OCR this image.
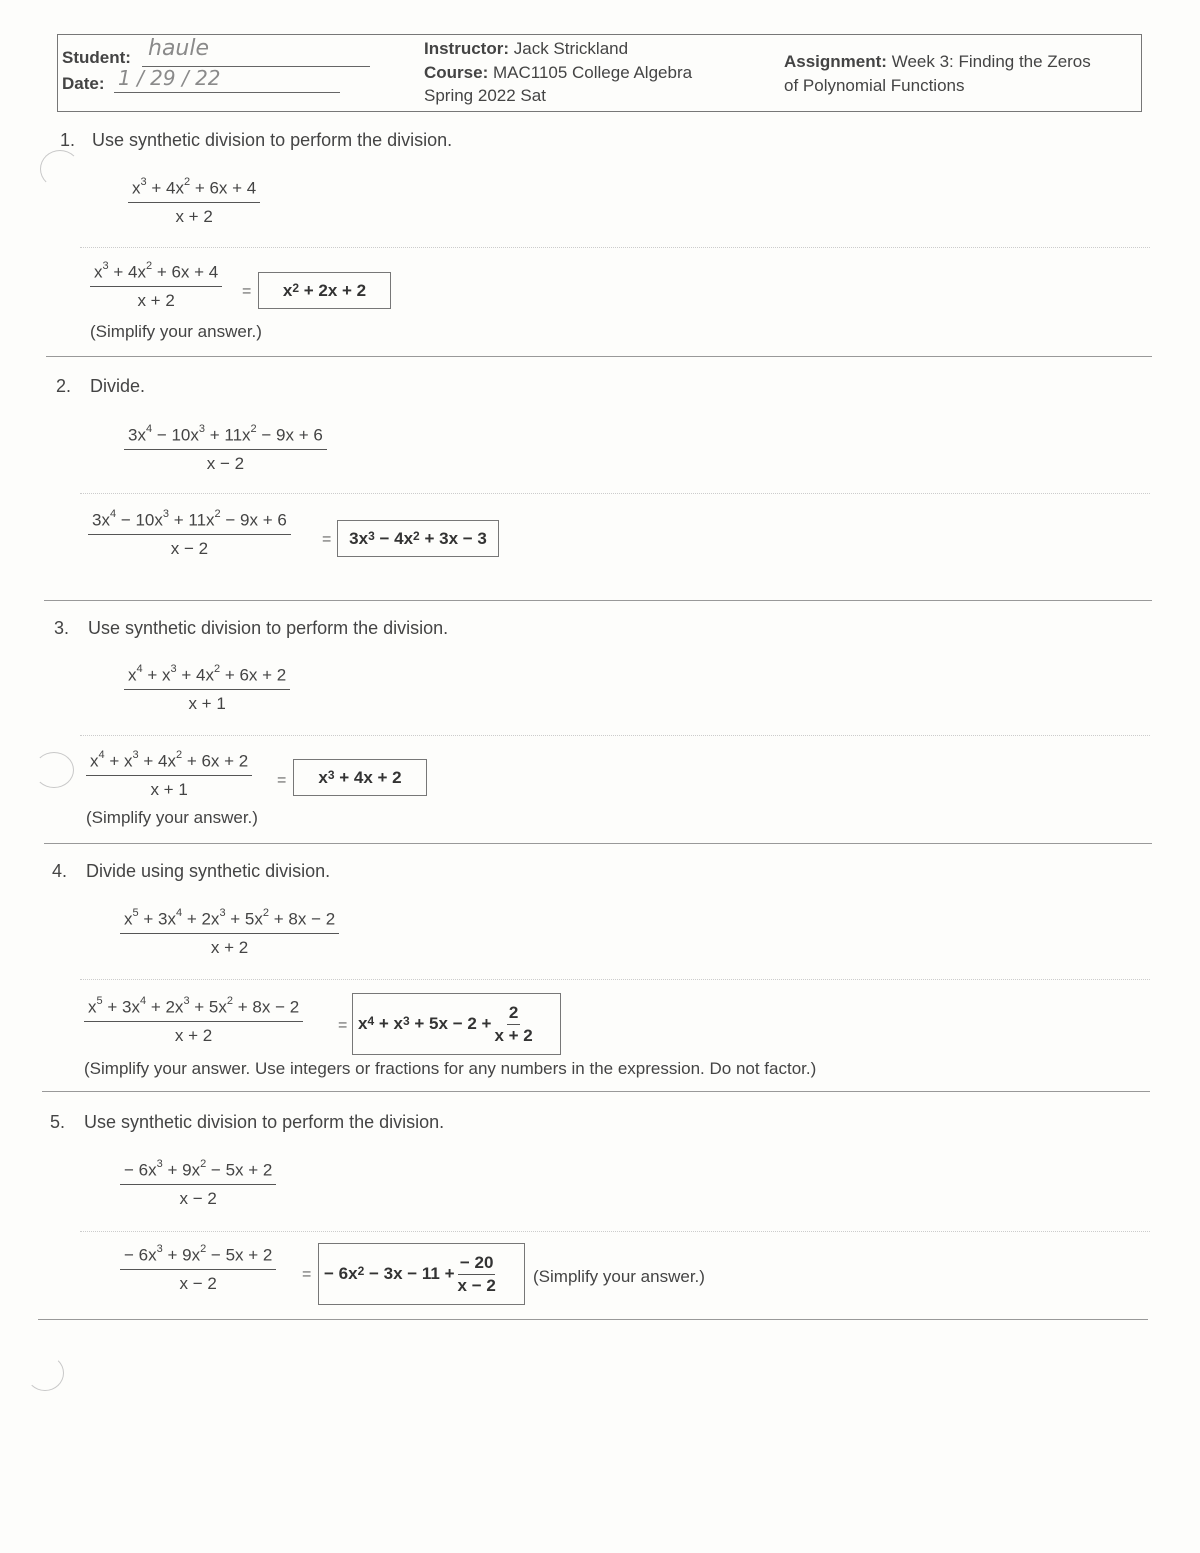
Student: haule
Date: 1 / 29 / 22
Instructor: Jack Strickland
Course: MAC1105 College Algebra
Spring 2022 Sat
Assignment: Week 3: Finding the Zeros
of Polynomial Functions
1. Use synthetic division to perform the division.
$\frac{x^3 + 4x^2 + 6x + 4}{x + 2}$
$\frac{x^3 + 4x^2 + 6x + 4}{x + 2}$ =	$x^2 + 2x + 2$
(Simplify your answer.)
2. Divide.
$\frac{3x^4 - 10x^3 + 11x^2 - 9x + 6}{x - 2}$
$\frac{3x^4 - 10x^3 + 11x^2 - 9x + 6}{x - 2}$ =	$3x^3 - 4x^2 + 3x - 3$
3. Use synthetic division to perform the division.
$\frac{x^4 + x^3 + 4x^2 + 6x + 2}{x + 1}$
$\frac{x^4 + x^3 + 4x^2 + 6x + 2}{x + 1}$ =	$x^3 + 4x + 2$
(Simplify your answer.)
4. Divide using synthetic division.
$\frac{x^5 + 3x^4 + 2x^3 + 5x^2 + 8x - 2}{x + 2}$
$\frac{x^5 + 3x^4 + 2x^3 + 5x^2 + 8x - 2}{x + 2} = x^4 + x^3 + 5x - 2 + \frac{2}{x + 2}$
(Simplify your answer. Use integers or fractions for any numbers in the expression. Do not factor.)
5. Use synthetic division to perform the division.
$\frac{- 6x^3 + 9x^2 - 5x + 2}{x - 2}$
$\frac{- 6x^3 + 9x^2 - 5x + 2}{x - 2}$ = − $6x^2 - 3x - 11 + \frac{- 20}{x - 2}$ (Simplify your answer.)
